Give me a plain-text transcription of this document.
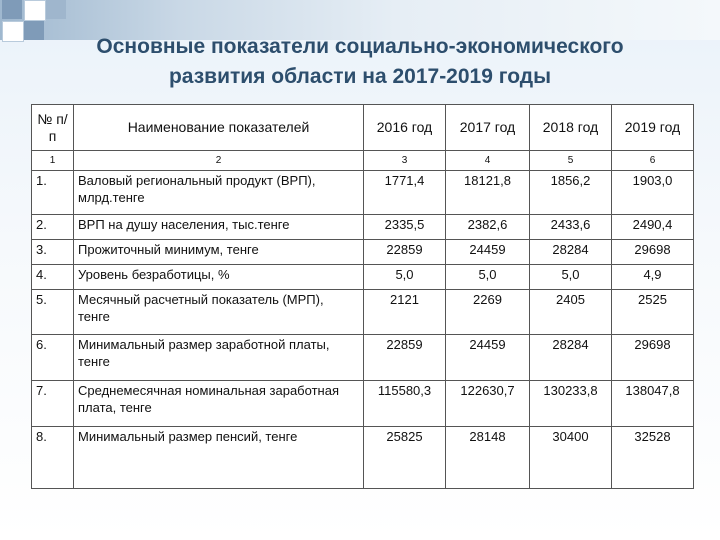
Основные показатели социально-экономического
развития области на 2017-2019 годы
№ п/п	Наименование показателей	2016 год	2017 год	2018 год	2019 год
1	2	3	4	5	6
1.	Валовый региональный продукт (ВРП), млрд.тенге	1771,4	18121,8	1856,2	1903,0
2.	ВРП на душу населения, тыс.тенге	2335,5	2382,6	2433,6	2490,4
3.	Прожиточный минимум, тенге	22859	24459	28284	29698
4.	Уровень безработицы, %	5,0	5,0	5,0	4,9
5.	Месячный расчетный показатель (МРП), тенге	2121	2269	2405	2525
6.	Минимальный размер заработной платы, тенге	22859	24459	28284	29698
7.	Среднемесячная номинальная заработная плата, тенге	115580,3	122630,7	130233,8	138047,8
8.	Минимальный размер пенсий, тенге	25825	28148	30400	32528
